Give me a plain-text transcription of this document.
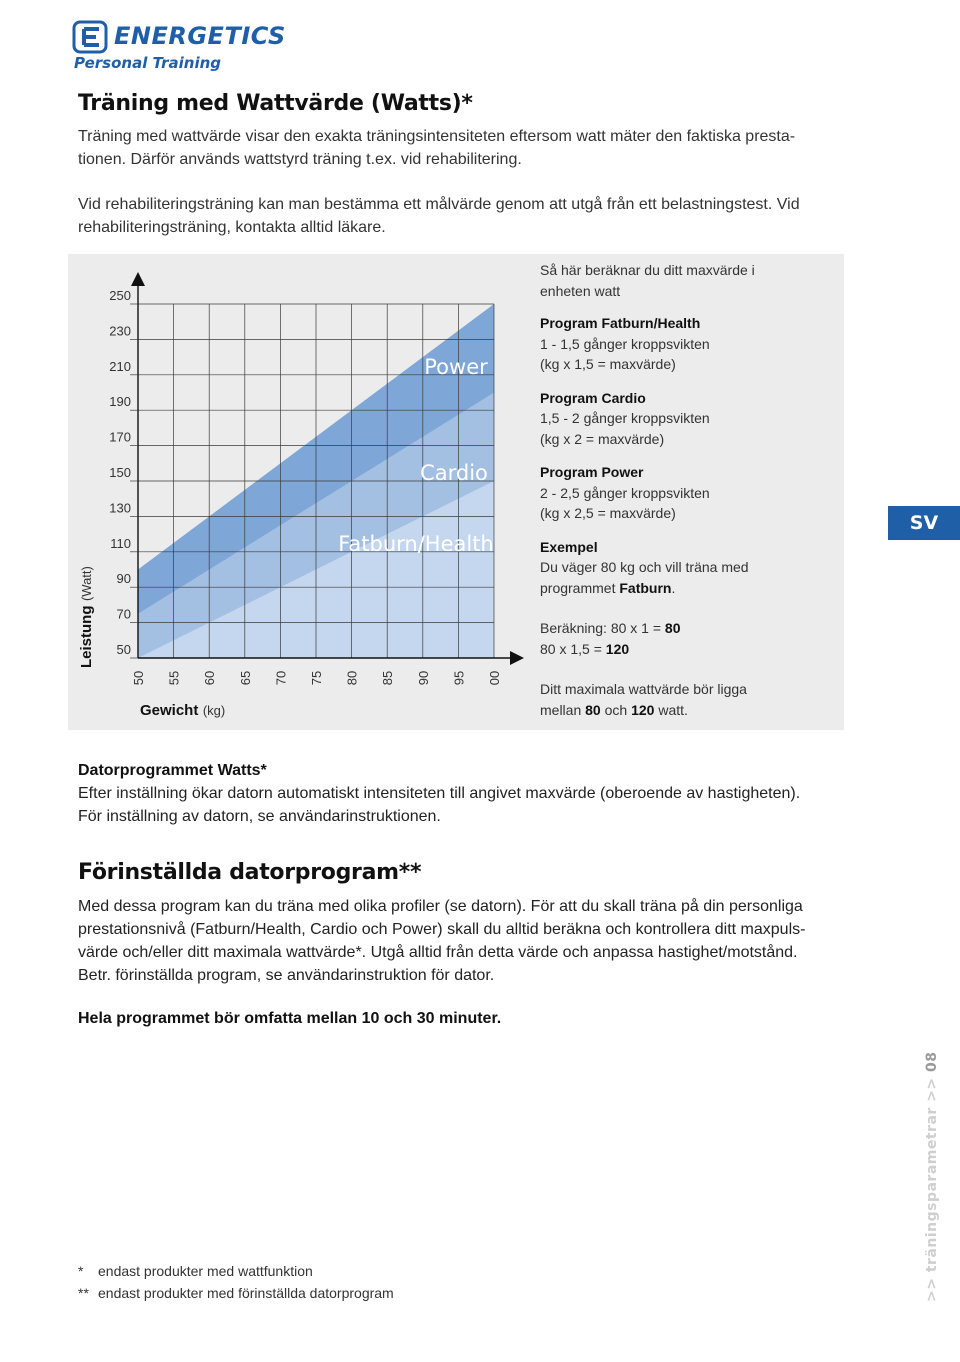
ENERGETICS
Personal Training
Träning med Wattvärde (Watts)*
Träning med wattvärde visar den exakta träningsintensiteten eftersom watt mäter den faktiska presta-
tionen. Därför används wattstyrd träning t.ex. vid rehabilitering.
Vid rehabiliteringsträning kan man bestämma ett målvärde genom att utgå från ett belastningstest. Vid
rehabiliteringsträning, kontakta alltid läkare.
250
230
210
190
170
150
130
110
90
70
50
50 55 60 65 70 75 80 85 90 95 00
Power
Cardio
Fatburn/Health
Leistung (Watt)
Gewicht (kg)
Så här beräknar du ditt maxvärde i
enheten watt
Program Fatburn/Health
1 - 1,5 gånger kroppsvikten
(kg x 1,5 = maxvärde)
Program Cardio
1,5 - 2 gånger kroppsvikten
(kg x 2 = maxvärde)
Program Power
2 - 2,5 gånger kroppsvikten
(kg x 2,5 = maxvärde)
Exempel
Du väger 80 kg och vill träna med
programmet Fatburn.
Beräkning: 80 x 1 = 80
80 x 1,5 = 120
Ditt maximala wattvärde bör ligga
mellan 80 och 120 watt.
SV
Datorprogrammet Watts*
Efter inställning ökar datorn automatiskt intensiteten till angivet maxvärde (oberoende av hastigheten).
För inställning av datorn, se användarinstruktionen.
Förinställda datorprogram**
Med dessa program kan du träna med olika profiler (se datorn). För att du skall träna på din personliga
prestationsnivå (Fatburn/Health, Cardio och Power) skall du alltid beräkna och kontrollera ditt maxpuls-
värde och/eller ditt maximala wattvärde*. Utgå alltid från detta värde och anpassa hastighet/motstånd.
Betr. förinställda program, se användarinstruktion för dator.
Hela programmet bör omfatta mellan 10 och 30 minuter.
* endast produkter med wattfunktion
** endast produkter med förinställda datorprogram	>> träningsparametrar >> 08
